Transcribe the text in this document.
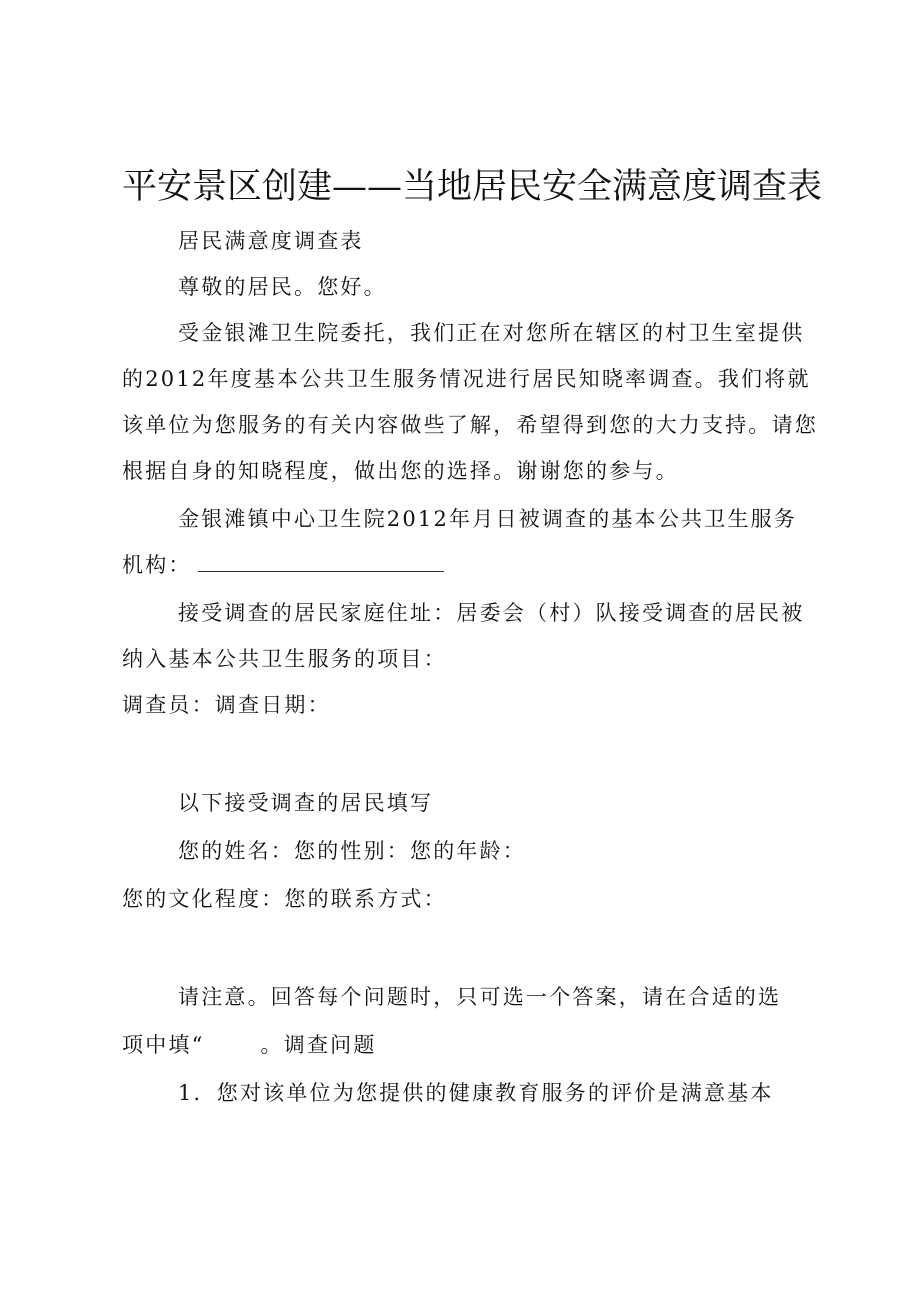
平安景区创建——当地居民安全满意度调查表
居民满意度调查表
尊敬的居民。您好。
受金银滩卫生院委托，我们正在对您所在辖区的村卫生室提供
的2012年度基本公共卫生服务情况进行居民知晓率调查。我们将就
该单位为您服务的有关内容做些了解，希望得到您的大力支持。请您
根据自身的知晓程度，做出您的选择。谢谢您的参与。
金银滩镇中心卫生院2012年月日被调查的基本公共卫生服务
机构：
接受调查的居民家庭住址：居委会（村）队接受调查的居民被
纳入基本公共卫生服务的项目：
调查员：调查日期：
以下接受调查的居民填写
您的姓名：您的性别：您的年龄：
您的文化程度：您的联系方式：
请注意。回答每个问题时，只可选一个答案，请在合适的选
项中填“	。调查问题
1．您对该单位为您提供的健康教育服务的评价是满意基本
